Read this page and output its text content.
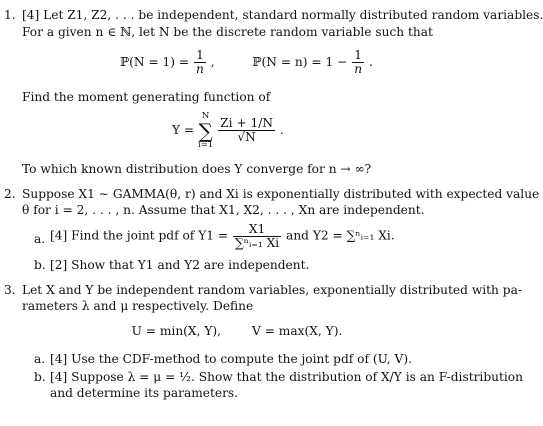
1. [4] Let Z1, Z2, . . . be independent, standard normally distributed random variables.
For a given n ∈ ℕ, let N be the discrete random variable such that
ℙ(N = $1) = \frac{1}{n}$ ,	ℙ(N = $n) = 1 - \frac{1}{n}$ .
Find the moment generating function of
Y = N
∑
i=1
$\frac{Zi + 1/N}{√N}$ .
To which known distribution does Y converge for n → ∞?
2. Suppose X1 ∼ GAMMA(θ, r) and Xi is exponentially distributed with expected value
θ for i = 2, . . . , n. Assume that X1, X2, . . . , Xn are independent.
a. [4] Find the joint pdf of $Y1 = \frac{X1}{\text{∑ⁿᵢ₌₁ Xi}}$ and Y2 = ∑ⁿᵢ₌₁ Xi.
b. [2] Show that Y1 and Y2 are independent.
3. Let X and Y be independent random variables, exponentially distributed with pa-
rameters λ and μ respectively. Define
U = min(X, Y),        V = max(X, Y).
a. [4] Use the CDF-method to compute the joint pdf of (U, V).
b. [4] Suppose λ = μ = ½. Show that the distribution of X/Y is an F-distribution
and determine its parameters.
